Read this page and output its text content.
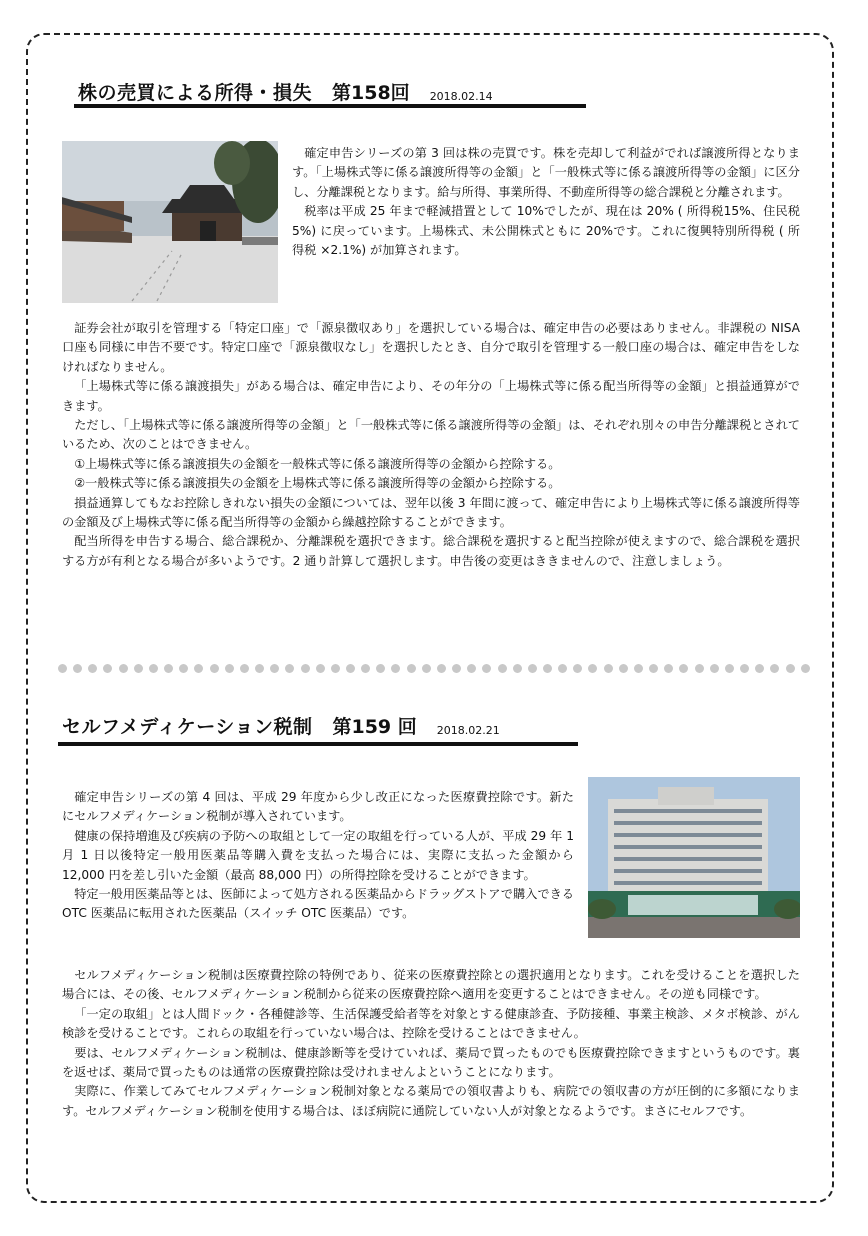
株の売買による所得・損失 第158回 2018.02.14

確定申告シリーズの第 3 回は株の売買です。株を売却して利益がでれば譲渡所得となります。「上場株式等に係る譲渡所得等の金額」と「一般株式等に係る譲渡所得等の金額」に区分し、分離課税となります。給与所得、事業所得、不動産所得等の総合課税と分離されます。

税率は平成 25 年まで軽減措置として 10%でしたが、現在は 20% ( 所得税15%、住民税 5%) に戻っています。上場株式、未公開株式ともに 20%です。これに復興特別所得税 ( 所得税 ×2.1%) が加算されます。

証券会社が取引を管理する「特定口座」で「源泉徴収あり」を選択している場合は、確定申告の必要はありません。非課税の NISA 口座も同様に申告不要です。特定口座で「源泉徴収なし」を選択したとき、自分で取引を管理する一般口座の場合は、確定申告をしなければなりません。

「上場株式等に係る譲渡損失」がある場合は、確定申告により、その年分の「上場株式等に係る配当所得等の金額」と損益通算ができます。

ただし、「上場株式等に係る譲渡所得等の金額」と「一般株式等に係る譲渡所得等の金額」は、それぞれ別々の申告分離課税とされているため、次のことはできません。

①上場株式等に係る譲渡損失の金額を一般株式等に係る譲渡所得等の金額から控除する。

②一般株式等に係る譲渡損失の金額を上場株式等に係る譲渡所得等の金額から控除する。

損益通算してもなお控除しきれない損失の金額については、翌年以後 3 年間に渡って、確定申告により上場株式等に係る譲渡所得等の金額及び上場株式等に係る配当所得等の金額から繰越控除することができます。

配当所得を申告する場合、総合課税か、分離課税を選択できます。総合課税を選択すると配当控除が使えますので、総合課税を選択する方が有利となる場合が多いようです。2 通り計算して選択します。申告後の変更はききませんので、注意しましょう。

セルフメディケーション税制 第159 回 2018.02.21

確定申告シリーズの第 4 回は、平成 29 年度から少し改正になった医療費控除です。新たにセルフメディケーション税制が導入されています。

健康の保持増進及び疾病の予防への取組として一定の取組を行っている人が、平成 29 年 1 月 1 日以後特定一般用医薬品等購入費を支払った場合には、実際に支払った金額から 12,000 円を差し引いた金額（最高 88,000 円）の所得控除を受けることができます。

特定一般用医薬品等とは、医師によって処方される医薬品からドラッグストアで購入できる OTC 医薬品に転用された医薬品（スイッチ OTC 医薬品）です。

セルフメディケーション税制は医療費控除の特例であり、従来の医療費控除との選択適用となります。これを受けることを選択した場合には、その後、セルフメディケーション税制から従来の医療費控除へ適用を変更することはできません。その逆も同様です。

「一定の取組」とは人間ドック・各種健診等、生活保護受給者等を対象とする健康診査、予防接種、事業主検診、メタボ検診、がん検診を受けることです。これらの取組を行っていない場合は、控除を受けることはできません。

要は、セルフメディケーション税制は、健康診断等を受けていれば、薬局で買ったものでも医療費控除できますというものです。裏を返せば、薬局で買ったものは通常の医療費控除は受けれませんよということになります。

実際に、作業してみてセルフメディケーション税制対象となる薬局での領収書よりも、病院での領収書の方が圧倒的に多額になります。セルフメディケーション税制を使用する場合は、ほぼ病院に通院していない人が対象となるようです。まさにセルフです。
